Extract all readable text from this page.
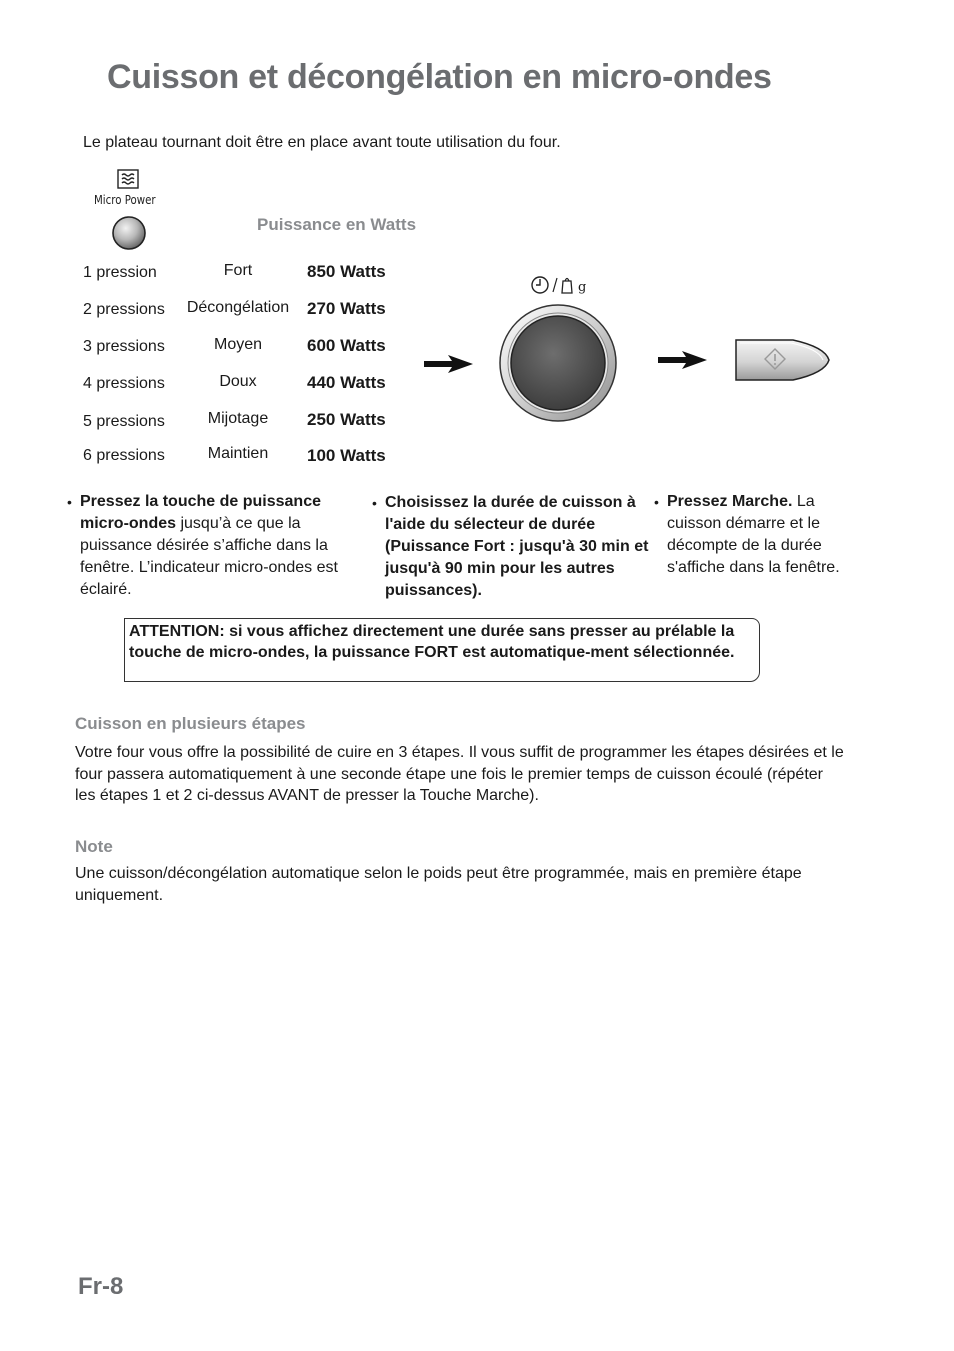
Cuisson et décongélation en micro-ondes
Le plateau tournant doit être en place avant toute utilisation du four.
Micro Power
Puissance en Watts
1 pression	Fort	850 Watts
2 pressions	Décongélation	270 Watts
3 pressions	Moyen	600 Watts
4 pressions	Doux	440 Watts
5 pressions	Mijotage	250 Watts
6 pressions	Maintien	100 Watts
g
• Pressez la touche de puissance micro-ondes jusqu’à ce que la puissance désirée s’affiche dans la fenêtre. L’indicateur micro-ondes est éclairé.
• Choisissez la durée de cuisson à l'aide du sélecteur de durée (Puissance Fort : jusqu'à 30 min et jusqu'à 90 min pour les autres puissances).
• Pressez Marche. La cuisson démarre et le décompte de la durée s'affiche dans la fenêtre.
ATTENTION: si vous affichez directement une durée sans presser au prélable la touche de micro-ondes, la puissance FORT est automatique-ment sélectionnée.
Cuisson en plusieurs étapes
Votre four vous offre la possibilité de cuire en 3 étapes. Il vous suffit de programmer les étapes désirées et le four passera automatiquement à une seconde étape une fois le premier temps de cuisson écoulé (répéter les étapes 1 et 2 ci-dessus AVANT de presser la Touche Marche).
Note
Une cuisson/décongélation automatique selon le poids peut être programmée, mais en première étape uniquement.
Fr-8
